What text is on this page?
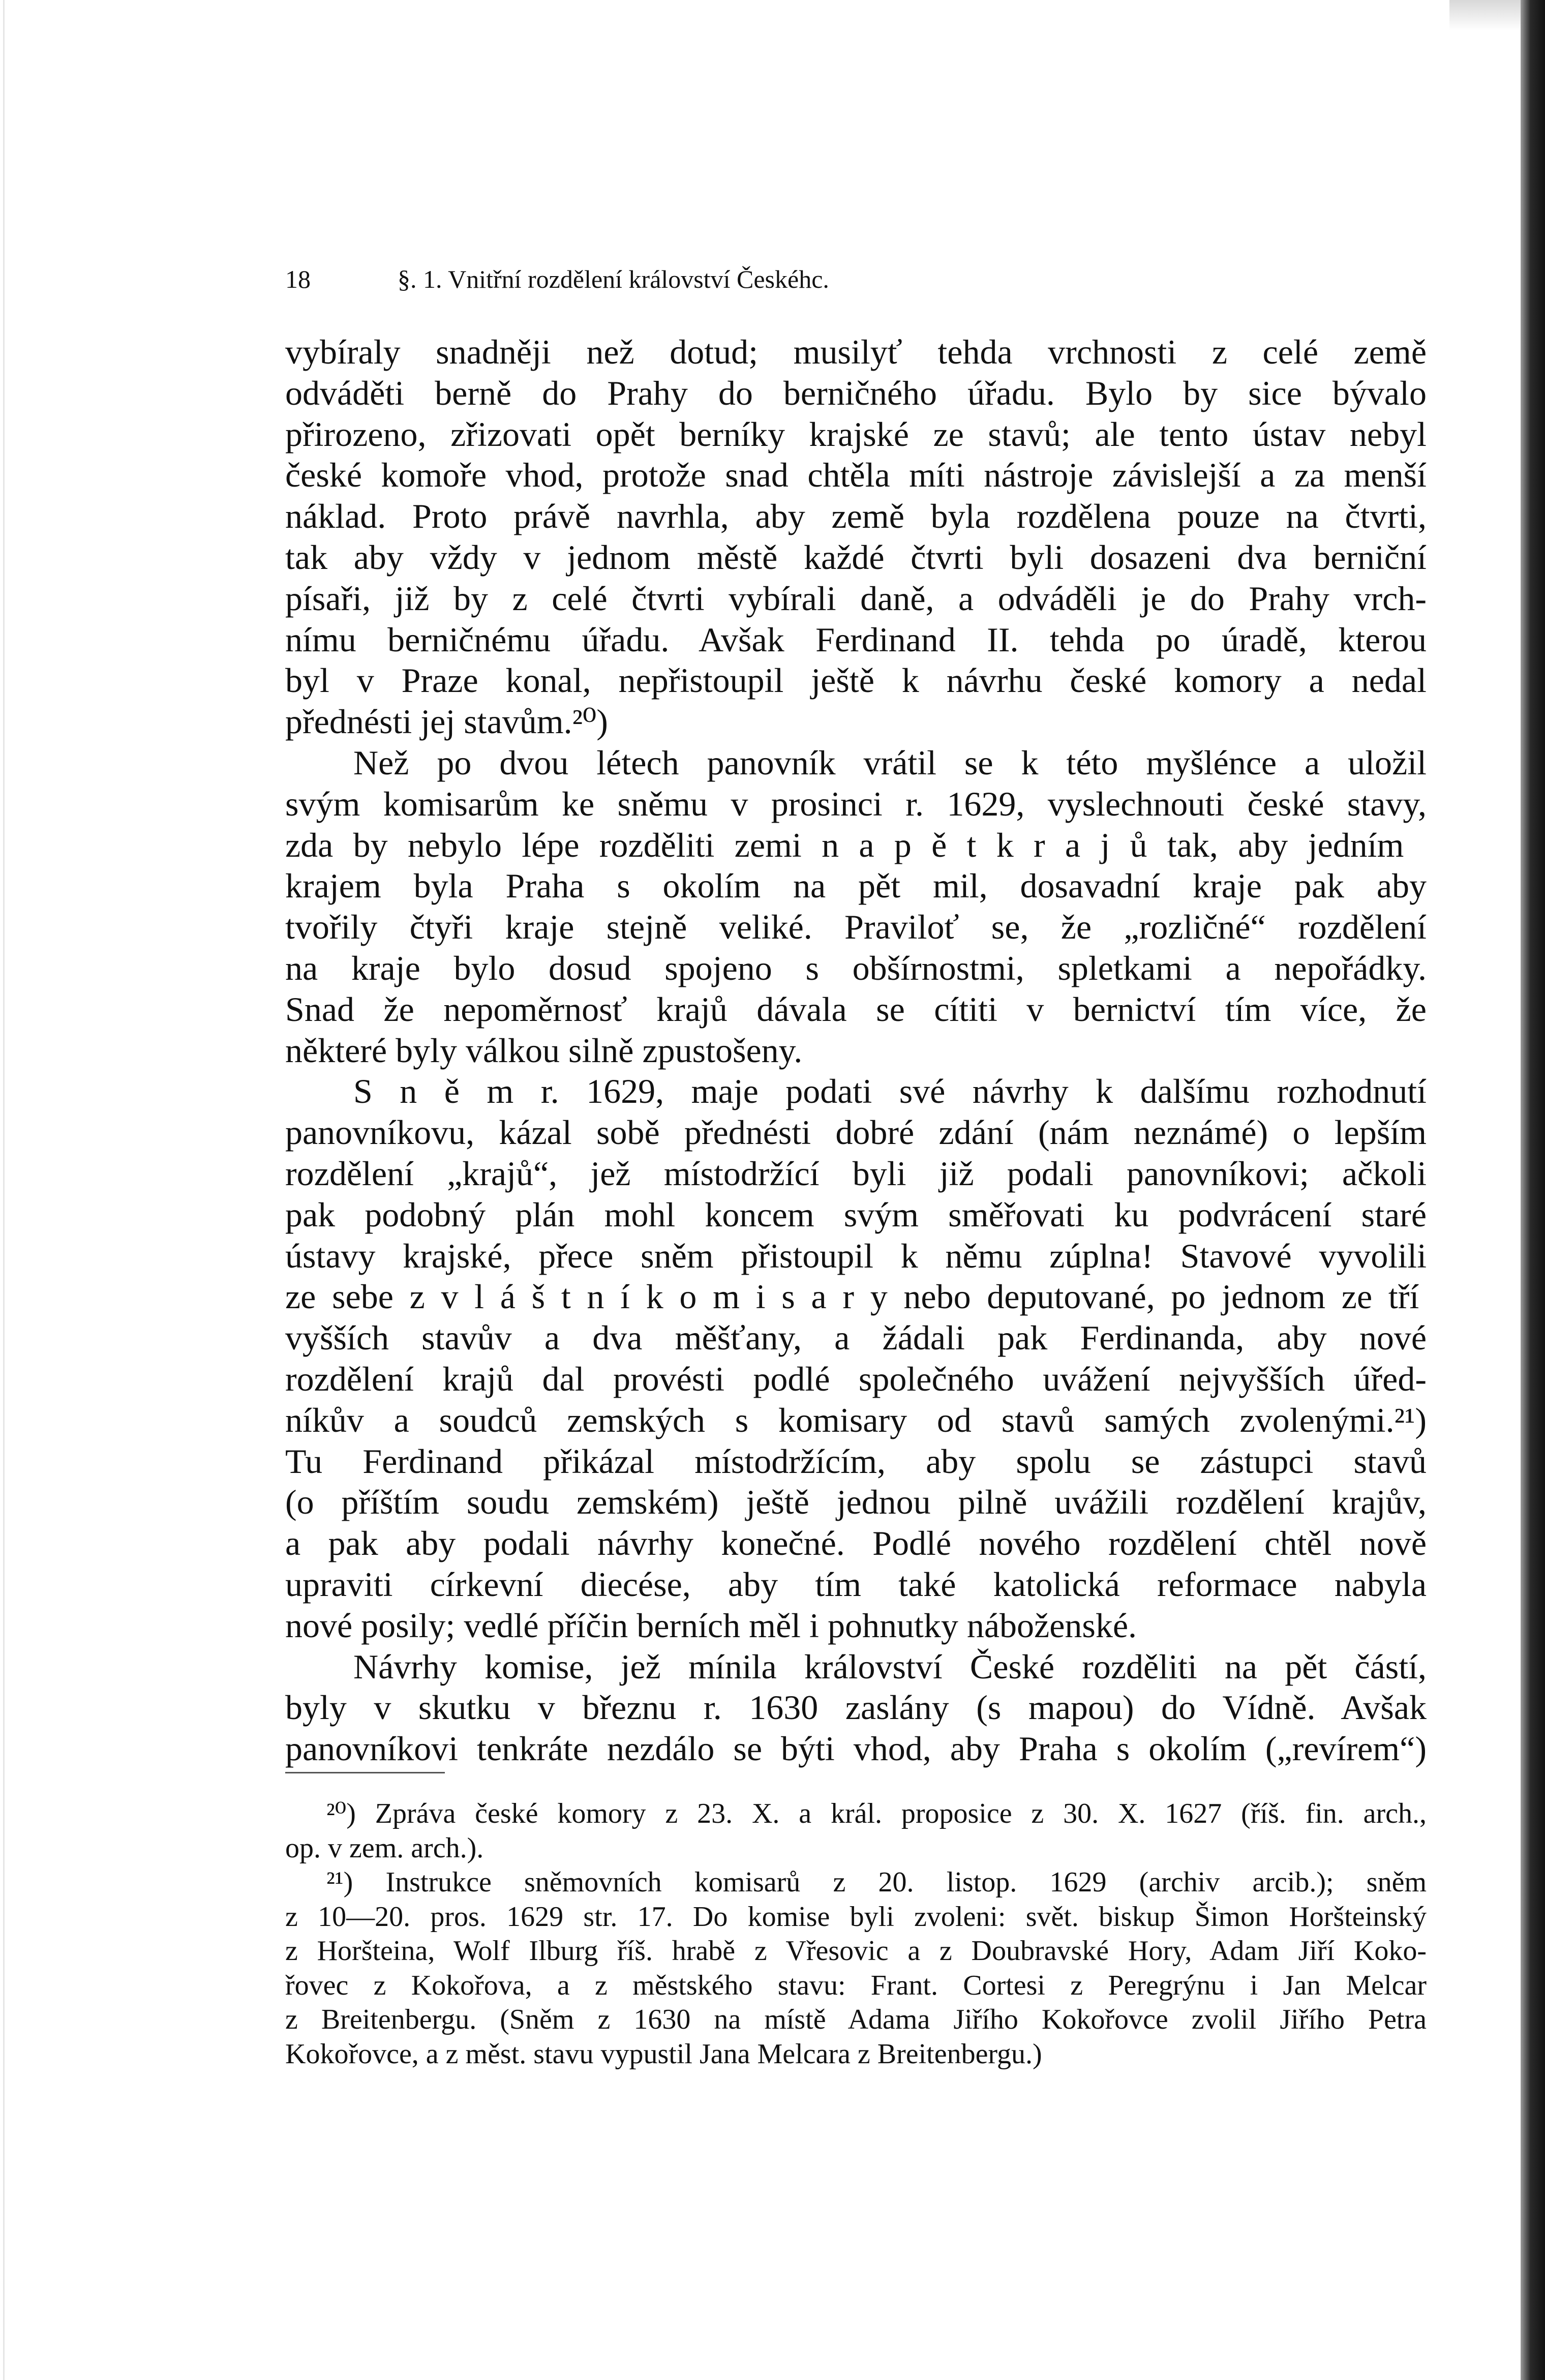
18	§. 1. Vnitřní rozdělení království Českéhc.
vybíraly snadněji než dotud; musilyť tehda vrchnosti z celé země
odváděti berně do Prahy do berničného úřadu. Bylo by sice bývalo
přirozeno, zřizovati opět berníky krajské ze stavů; ale tento ústav nebyl
české komoře vhod, protože snad chtěla míti nástroje závislejší a za menší
náklad. Proto právě navrhla, aby země byla rozdělena pouze na čtvrti,
tak aby vždy v jednom městě každé čtvrti byli dosazeni dva berniční
písaři, již by z celé čtvrti vybírali daně, a odváděli je do Prahy vrch-
nímu berničnému úřadu. Avšak Ferdinand II. tehda po úradě, kterou
byl v Praze konal, nepřistoupil ještě k návrhu české komory a nedal
přednésti jej stavům.²⁰)
Než po dvou létech panovník vrátil se k této myšlénce a uložil
svým komisarům ke sněmu v prosinci r. 1629, vyslechnouti české stavy,
zda by nebylo lépe rozděliti zemi n a p ě t k r a j ů tak, aby jedním
krajem byla Praha s okolím na pět mil, dosavadní kraje pak aby
tvořily čtyři kraje stejně veliké. Pravilоť se, že „rozličné“ rozdělení
na kraje bylo dosud spojeno s obšírnostmi, spletkami a nepořádky.
Snad že nepoměrnosť krajů dávala se cítiti v bernictví tím více, že
některé byly válkou silně zpustošeny.
S n ě m r. 1629, maje podati své návrhy k dalšímu rozhodnutí
panovníkovu, kázal sobě přednésti dobré zdání (nám neznámé) o lepším
rozdělení „krajů“, jež místodržící byli již podali panovníkovi; ačkoli
pak podobný plán mohl koncem svým směřovati ku podvrácení staré
ústavy krajské, přece sněm přistoupil k němu zúplna! Stavové vyvolili
ze sebe z v l á š t n í k o m i s a r y nebo deputované, po jednom ze tří
vyšších stavův a dva měšťany, a žádali pak Ferdinanda, aby nové
rozdělení krajů dal provésti podlé společného uvážení nejvyšších úřed-
níkův a soudců zemských s komisary od stavů samých zvolenými.²¹)
Tu Ferdinand přikázal místodržícím, aby spolu se zástupci stavů
(o příštím soudu zemském) ještě jednou pilně uvážili rozdělení krajův,
a pak aby podali návrhy konečné. Podlé nového rozdělení chtěl nově
upraviti církevní diecése, aby tím také katolická reformace nabyla
nové posily; vedlé příčin berních měl i pohnutky náboženské.
Návrhy komise, jež mínila království České rozděliti na pět částí,
byly v skutku v březnu r. 1630 zaslány (s mapou) do Vídně. Avšak
panovníkovi tenkráte nezdálo se býti vhod, aby Praha s okolím („revírem“)
²⁰) Zpráva české komory z 23. X. a král. proposice z 30. X. 1627 (říš. fin. arch.,
op. v zem. arch.).
²¹) Instrukce sněmovních komisarů z 20. listop. 1629 (archiv arcib.); sněm
z 10—20. pros. 1629 str. 17. Do komise byli zvoleni: svět. biskup Šimon Horšteinský
z Horšteina, Wolf Ilburg říš. hrabě z Vřesovic a z Doubravské Hory, Adam Jiří Koko-
řovec z Kokořova, a z městského stavu: Frant. Cortesi z Peregrýnu i Jan Melcar
z Breitenbergu. (Sněm z 1630 na místě Adama Jiřího Kokořovce zvolil Jiřího Petra
Kokořovce, a z měst. stavu vypustil Jana Melcara z Breitenbergu.)
